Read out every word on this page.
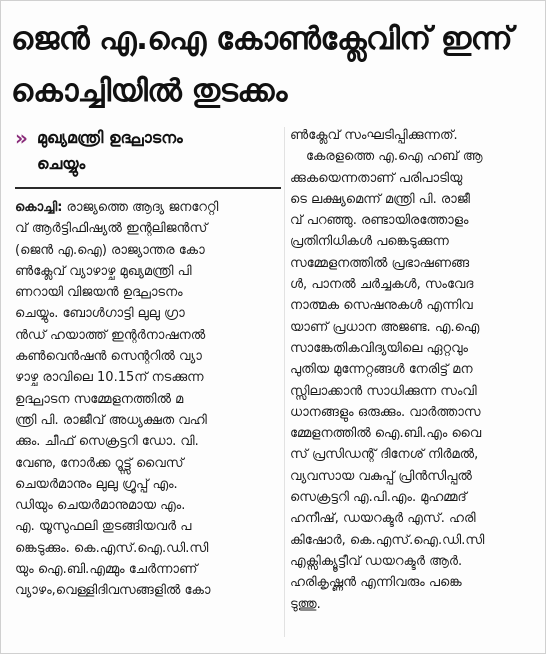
ജെൻ എ.ഐ കോൺക്ലേവിന് ഇന്ന്
കൊച്ചിയിൽ തുടക്കം
» മുഖ്യമന്ത്രി ഉദ്ഘാടനം
ചെയ്യും
കൊച്ചി: രാജ്യത്തെ ആദ്യ ജനറേറ്റി
വ് ആർട്ടിഫിഷ്യൽ ഇന്റലിജൻസ്
(ജെൻ എ.ഐ) രാജ്യാന്തര കോ
ൺക്ലേവ് വ്യാഴാഴ്ച മുഖ്യമന്ത്രി പി
ണറായി വിജയൻ ഉദ്ഘാടനം
ചെയ്യും. ബോൾഗാട്ടി ലുലു ഗ്രാ
ൻഡ് ഹയാത്ത് ഇന്റർനാഷനൽ
കൺവെൻഷൻ സെന്ററിൽ വ്യാ
ഴാഴ്ച രാവിലെ 10.15ന് നടക്കുന്ന
ഉദ്ഘാടന സമ്മേളനത്തിൽ മ
ന്ത്രി പി. രാജീവ് അധ്യക്ഷത വഹി
ക്കും. ചീഫ് സെക്രട്ടറി ഡോ. വി.
വേണു, നോർക്ക റൂട്ട്സ് വൈസ്
ചെയർമാനും ലുലു ഗ്രൂപ്പ് എം.
ഡിയും ചെയർമാനുമായ എം.
എ. യൂസുഫലി തുടങ്ങിയവർ പ
ങ്കെടുക്കും. കെ.എസ്.ഐ.ഡി.സി
യും ഐ.ബി.എമ്മും ചേർന്നാണ്
വ്യാഴം,വെള്ളിദിവസങ്ങളിൽ കോ
ൺക്ലേവ് സംഘടിപ്പിക്കുന്നത്.
കേരളത്തെ എ.ഐ ഹബ് ആ
ക്കുകയെന്നതാണ് പരിപാടിയു
ടെ ലക്ഷ്യമെന്ന് മന്ത്രി പി. രാജീ
വ് പറഞ്ഞു. രണ്ടായിരത്തോളം
പ്രതിനിധികൾ പങ്കെടുക്കുന്ന
സമ്മേളനത്തിൽ പ്രഭാഷണങ്ങ
ൾ, പാനൽ ചർച്ചകൾ, സംവേദ
നാത്മക സെഷനുകൾ എന്നിവ
യാണ് പ്രധാന അജണ്ട. എ.ഐ
സാങ്കേതികവിദ്യയിലെ ഏറ്റവും
പുതിയ മുന്നേറ്റങ്ങൾ നേരിട്ട് മന
സ്സിലാക്കാൻ സാധിക്കുന്ന സംവി
ധാനങ്ങളും ഒരുക്കും. വാർത്താസ
മ്മേളനത്തിൽ ഐ.ബി.എം വൈ
സ് പ്രസിഡന്റ് ദിനേശ് നിർമൽ,
വ്യവസായ വകുപ്പ് പ്രിൻസിപ്പൽ
സെക്രട്ടറി എ.പി.എം. മുഹമ്മദ്
ഹനീഷ്, ഡയറക്ടർ എസ്. ഹരി
കിഷോർ, കെ.എസ്.ഐ.ഡി.സി
എക്സിക്യൂട്ടീവ് ഡയറക്ടർ ആർ.
ഹരികൃഷ്ണൻ എന്നിവരും പങ്കെ
ടുത്തു.
